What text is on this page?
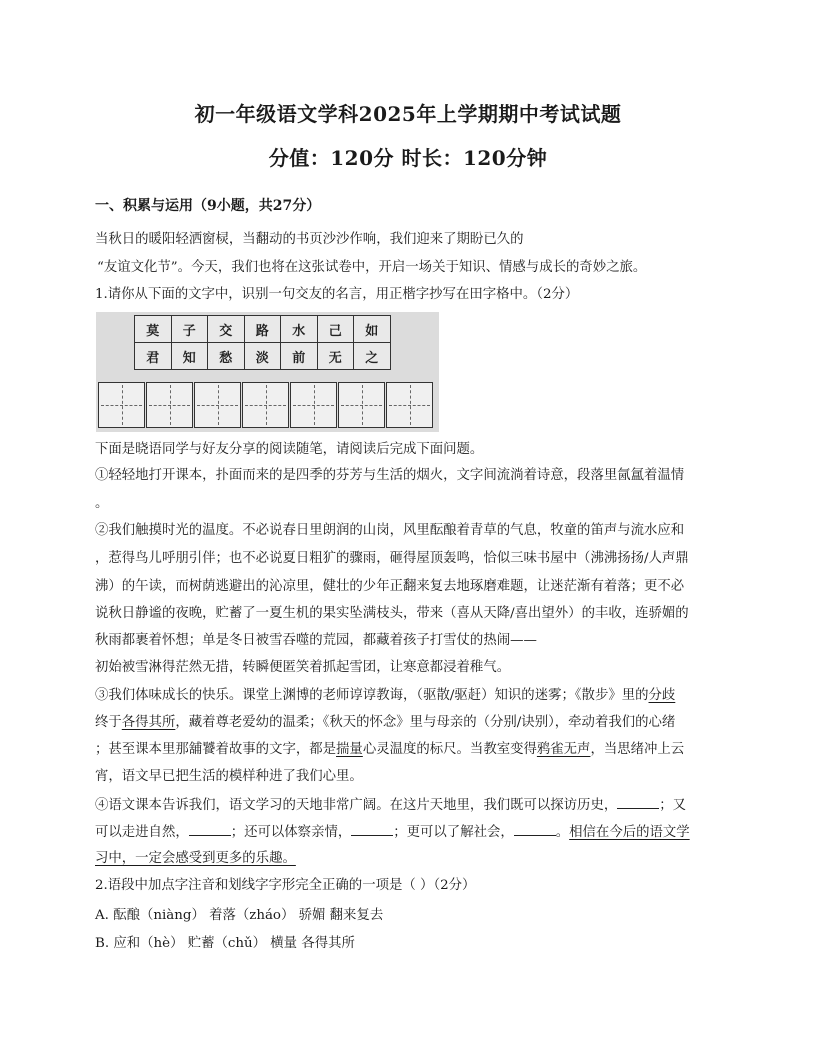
初一年级语文学科2025年上学期期中考试试题
分值：120分 时长：120分钟
一、积累与运用（9小题，共27分）
当秋日的暖阳轻洒窗棂，当翻动的书页沙沙作响，我们迎来了期盼已久的
“友谊文化节”。今天，我们也将在这张试卷中，开启一场关于知识、情感与成长的奇妙之旅。
1.请你从下面的文字中，识别一句交友的名言，用正楷字抄写在田字格中。（2分）
莫	子	交	路	水	己	如
君	知	愁	淡	前	无	之
下面是晓语同学与好友分享的阅读随笔，请阅读后完成下面问题。
①轻轻地打开课本，扑面而来的是四季的芬芳与生活的烟火，文字间流淌着诗意，段落里氤氲着温情
。
②我们触摸时光的温度。不必说春日里朗润的山岗，风里酝酿着青草的气息，牧童的笛声与流水应和
，惹得鸟儿呼朋引伴；也不必说夏日粗犷的骤雨，砸得屋顶轰鸣，恰似三味书屋中（沸沸扬扬/人声鼎
沸）的午读，而树荫逃避出的沁凉里，健壮的少年正翻来复去地琢磨难题，让迷茫渐有着落；更不必
说秋日静谧的夜晚，贮蓄了一夏生机的果实坠满枝头，带来（喜从天降/喜出望外）的丰收，连骄媚的
秋雨都裹着怀想；单是冬日被雪吞噬的荒园，都藏着孩子打雪仗的热闹——
初始被雪淋得茫然无措，转瞬便匿笑着抓起雪团，让寒意都浸着稚气。
③我们体味成长的快乐。课堂上渊博的老师谆谆教诲，（驱散/驱赶）知识的迷雾；《散步》里的分歧
终于各得其所，藏着尊老爱幼的温柔；《秋天的怀念》里与母亲的（分别/诀别），牵动着我们的心绪
；甚至课本里那舖饕着故事的文字，都是揣量心灵温度的标尺。当教室变得鸦雀无声，当思绪冲上云
宵，语文早已把生活的模样种进了我们心里。
④语文课本告诉我们，语文学习的天地非常广阔。在这片天地里，我们既可以探访历史，	；又
可以走进自然，	；还可以体察亲情，	；更可以了解社会，	。相信在今后的语文学
习中，一定会感受到更多的乐趣。
2.语段中加点字注音和划线字字形完全正确的一项是（ ）（2分）
A. 酝酿（niàng） 着落（zháo） 骄媚 翻来复去
B. 应和（hè） 贮蓄（chǔ） 横量 各得其所
